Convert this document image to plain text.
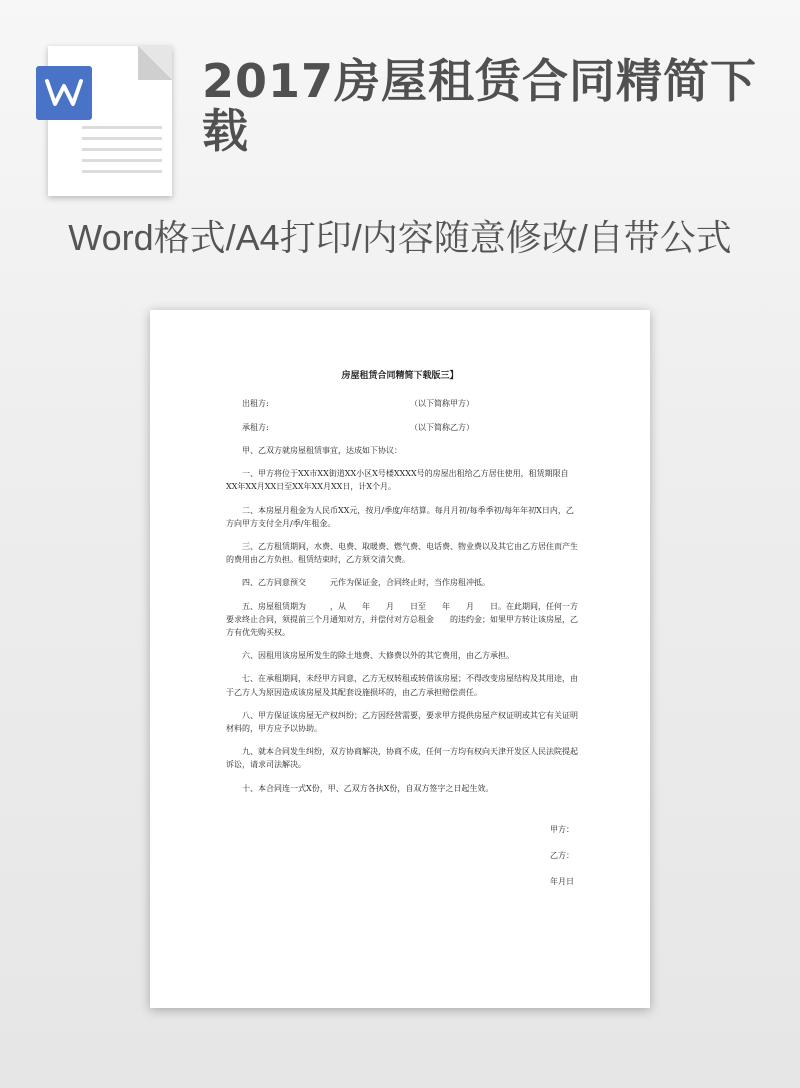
2017房屋租赁合同精简下载
Word格式/A4打印/内容随意修改/自带公式
房屋租赁合同精简下载版三】
出租方:	（以下简称甲方）
承租方:	（以下简称乙方）

甲、乙双方就房屋租赁事宜，达成如下协议：

一、甲方将位于XX市XX街道XX小区X号楼XXXX号的房屋出租给乙方居住使用，租赁期限自XX年XX月XX日至XX年XX月XX日，计X个月。

二、本房屋月租金为人民币XX元，按月/季度/年结算。每月月初/每季季初/每年年初X日内，乙方向甲方支付全月/季/年租金。

三、乙方租赁期间，水费、电费、取暖费、燃气费、电话费、物业费以及其它由乙方居住而产生的费用由乙方负担。租赁结束时，乙方须交清欠费。

四、乙方同意预交　　　元作为保证金，合同终止时，当作房租冲抵。

五、房屋租赁期为　　　，从　　年　　月　　日至　　年　　月　　日。在此期间，任何一方要求终止合同，须提前三个月通知对方，并偿付对方总租金　　的违约金；如果甲方转让该房屋，乙方有优先购买权。

六、因租用该房屋所发生的除土地费、大修费以外的其它费用，由乙方承担。

七、在承租期间，未经甲方同意，乙方无权转租或转借该房屋；不得改变房屋结构及其用途，由于乙方人为原因造成该房屋及其配套设施损坏的，由乙方承担赔偿责任。

八、甲方保证该房屋无产权纠纷；乙方因经营需要，要求甲方提供房屋产权证明或其它有关证明材料的，甲方应予以协助。

九、就本合同发生纠纷，双方协商解决，协商不成，任何一方均有权向天津开发区人民法院提起诉讼，请求司法解决。

十、本合同连一式X份，甲、乙双方各执X份，自双方签字之日起生效。

甲方：
乙方：
年月日
